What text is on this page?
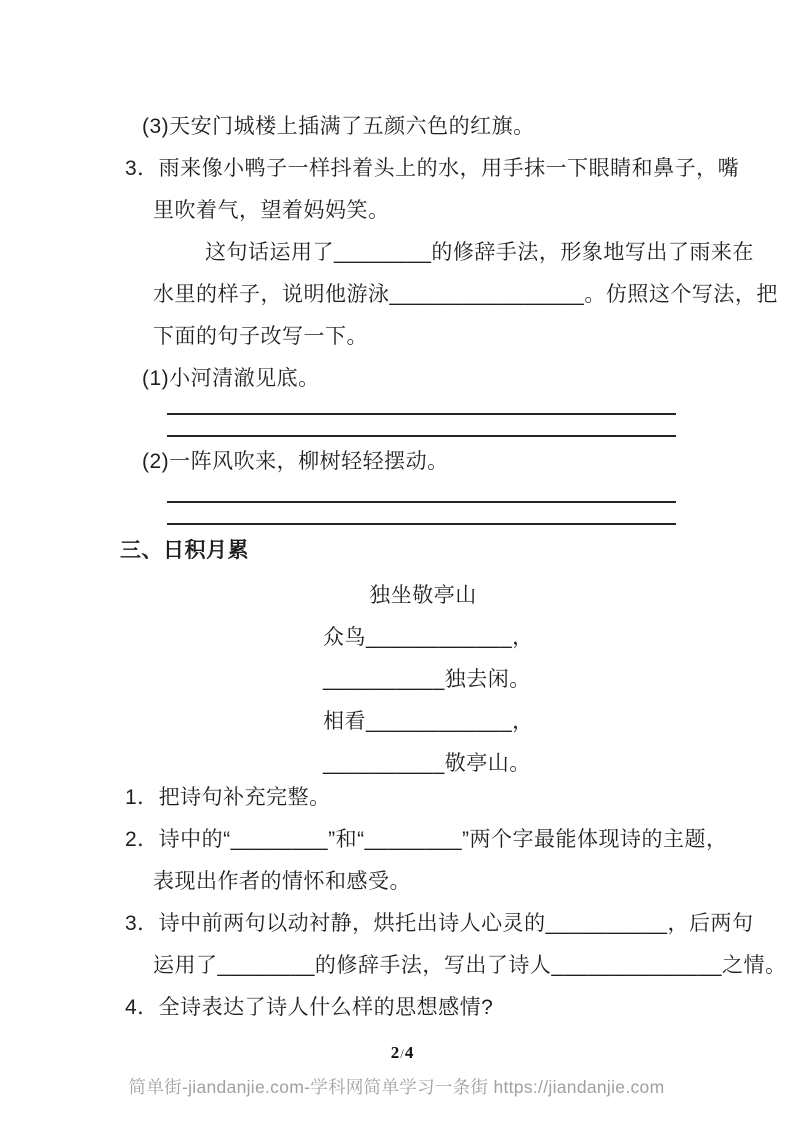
(3)天安门城楼上插满了五颜六色的红旗。
3．雨来像小鸭子一样抖着头上的水，用手抹一下眼睛和鼻子，嘴
里吹着气，望着妈妈笑。
这句话运用了________的修辞手法，形象地写出了雨来在
水里的样子，说明他游泳________________。仿照这个写法，把
下面的句子改写一下。
(1)小河清澈见底。
(2)一阵风吹来，柳树轻轻摆动。
三、日积月累
独坐敬亭山
众鸟____________，
__________独去闲。
相看____________，
__________敬亭山。
1．把诗句补充完整。
2．诗中的“________”和“________”两个字最能体现诗的主题，
表现出作者的情怀和感受。
3．诗中前两句以动衬静，烘托出诗人心灵的__________，后两句
运用了________的修辞手法，写出了诗人______________之情。
4．全诗表达了诗人什么样的思想感情?
2/4
简单街-jiandanjie.com-学科网简单学习一条街 https://jiandanjie.com
